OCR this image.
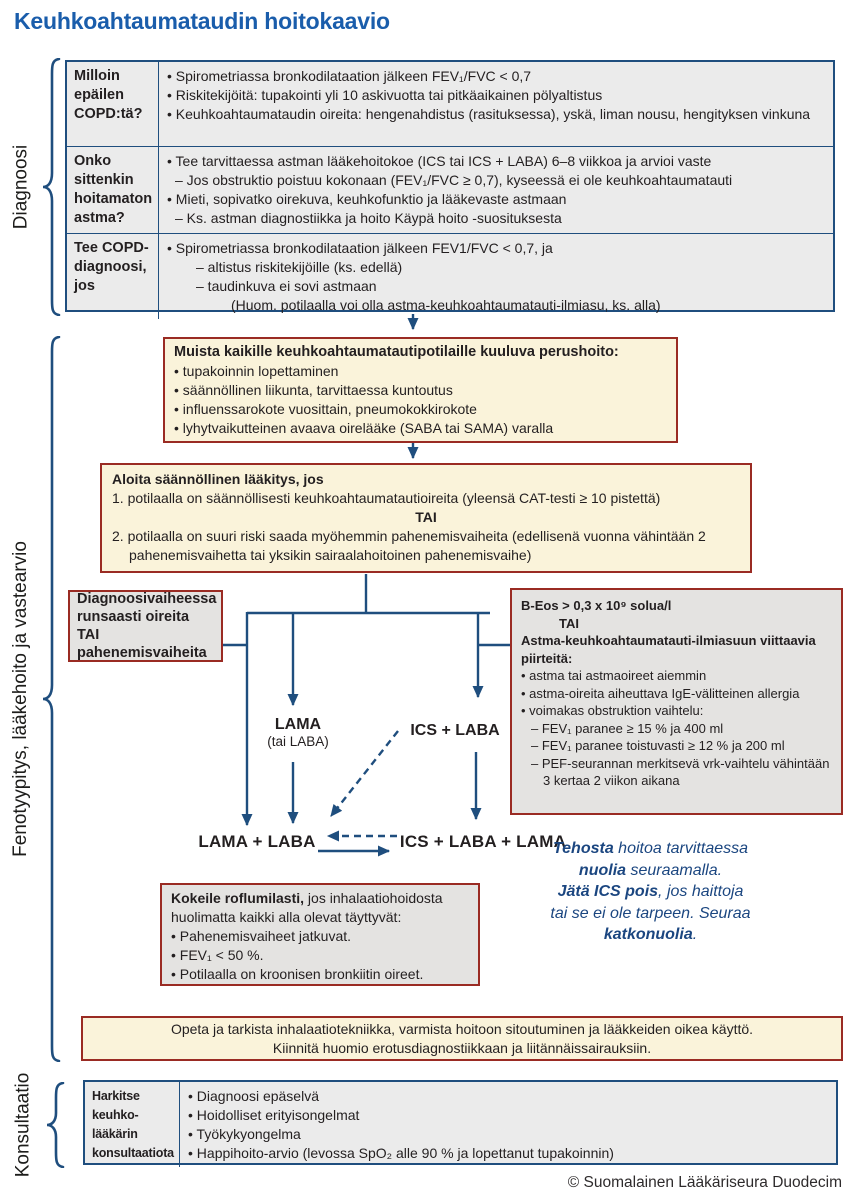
Keuhkoahtaumataudin hoitokaavio
Diagnoosi
Fenotyypitys, lääkehoito ja vastearvio
Konsultaatio
Milloin epäilen COPD:tä?
• Spirometriassa bronkodilataation jälkeen FEV₁/FVC < 0,7
• Riskitekijöitä: tupakointi yli 10 askivuotta tai pitkäaikainen pölyaltistus
• Keuhkoahtaumataudin oireita: hengenahdistus (rasituksessa), yskä, liman nousu, hengityksen vinkuna
Onko sittenkin hoitamaton astma?
• Tee tarvittaessa astman lääkehoitokoe (ICS tai ICS + LABA) 6–8 viikkoa ja arvioi vaste
– Jos obstruktio poistuu kokonaan (FEV₁/FVC ≥ 0,7), kyseessä ei ole keuhkoahtaumatauti
• Mieti, sopivatko oirekuva, keuhkofunktio ja lääkevaste astmaan
– Ks. astman diagnostiikka ja hoito Käypä hoito -suosituksesta
Tee COPD-diagnoosi, jos
• Spirometriassa bronkodilataation jälkeen FEV1/FVC < 0,7, ja
– altistus riskitekijöille (ks. edellä)
– taudinkuva ei sovi astmaan
(Huom. potilaalla voi olla astma-keuhkoahtaumatauti-ilmiasu, ks. alla)
Muista kaikille keuhkoahtaumatautipotilaille kuuluva perushoito:
• tupakoinnin lopettaminen
• säännöllinen liikunta, tarvittaessa kuntoutus
• influenssarokote vuosittain, pneumokokkirokote
• lyhytvaikutteinen avaava oirelääke (SABA tai SAMA) varalla
Aloita säännöllinen lääkitys, jos
1. potilaalla on säännöllisesti keuhkoahtaumatautioireita (yleensä CAT-testi ≥ 10 pistettä)
TAI
2. potilaalla on suuri riski saada myöhemmin pahenemisvaiheita (edellisenä vuonna vähintään 2 pahenemisvaihetta tai yksikin sairaalahoitoinen pahenemisvaihe)
Diagnoosivaiheessa runsaasti oireita TAI pahenemisvaiheita
B-Eos > 0,3 x 10⁹ solua/l
TAI
Astma-keuhkoahtaumatauti-ilmiasuun viittaavia piirteitä:
• astma tai astmaoireet aiemmin
• astma-oireita aiheuttava IgE-välitteinen allergia
• voimakas obstruktion vaihtelu:
– FEV₁ paranee ≥ 15 % ja 400 ml
– FEV₁ paranee toistuvasti ≥ 12 % ja 200 ml
– PEF-seurannan merkitsevä vrk-vaihtelu vähintään 3 kertaa 2 viikon aikana
LAMA
(tai LABA)
ICS + LABA
LAMA + LABA	ICS + LABA + LAMA
Tehosta hoitoa tarvittaessa
nuolia seuraamalla.
Jätä ICS pois, jos haittoja
tai se ei ole tarpeen. Seuraa
katkonuolia.
Kokeile roflumilasti, jos inhalaatiohoidosta huolimatta kaikki alla olevat täyttyvät:
• Pahenemisvaiheet jatkuvat.
• FEV₁ < 50 %.
• Potilaalla on kroonisen bronkiitin oireet.
Opeta ja tarkista inhalaatiotekniikka, varmista hoitoon sitoutuminen ja lääkkeiden oikea käyttö.
Kiinnitä huomio erotusdiagnostiikkaan ja liitännäissairauksiin.
Harkitse keuhko-lääkärin konsultaatiota
• Diagnoosi epäselvä
• Hoidolliset erityisongelmat
• Työkykyongelma
• Happihoito-arvio (levossa SpO₂ alle 90 % ja lopettanut tupakoinnin)
© Suomalainen Lääkäriseura Duodecim
